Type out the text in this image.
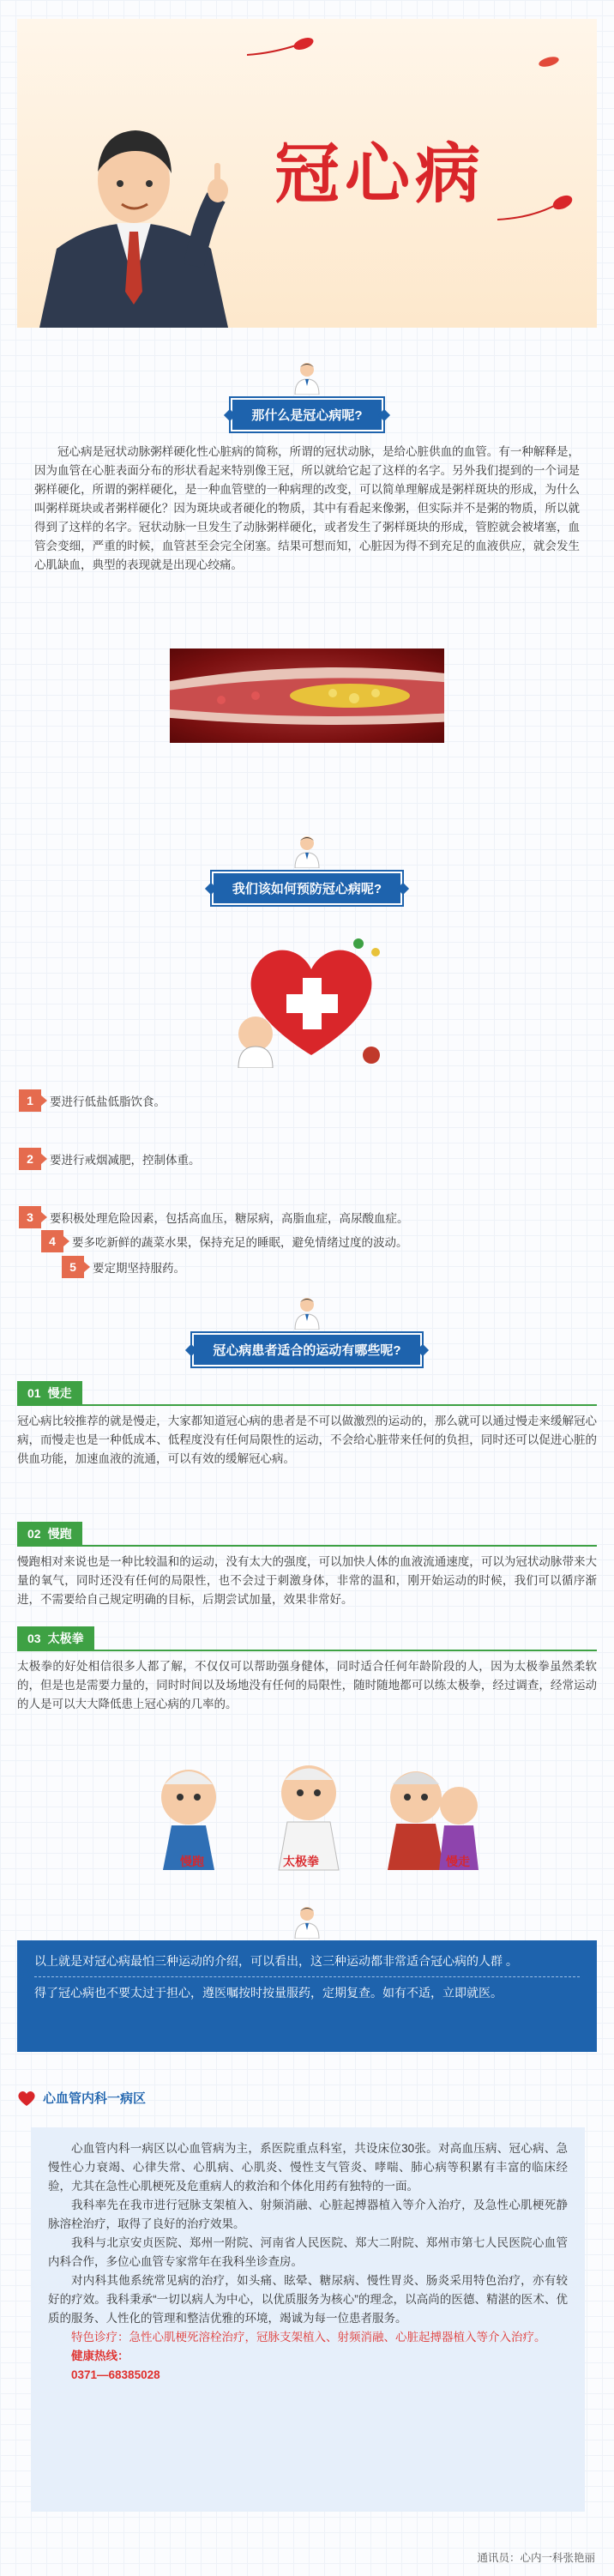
冠心病
那什么是冠心病呢?
冠心病是冠状动脉粥样硬化性心脏病的简称，所谓的冠状动脉，是给心脏供血的血管。有一种解释是，因为血管在心脏表面分布的形状看起来特别像王冠，所以就给它起了这样的名字。另外我们提到的一个词是粥样硬化，所谓的粥样硬化，是一种血管壁的一种病理的改变，可以简单理解成是粥样斑块的形成，为什么叫粥样斑块或者粥样硬化？因为斑块或者硬化的物质，其中有看起来像粥，但实际并不是粥的物质，所以就得到了这样的名字。冠状动脉一旦发生了动脉粥样硬化，或者发生了粥样斑块的形成，管腔就会被堵塞，血管会变细，严重的时候，血管甚至会完全闭塞。结果可想而知，心脏因为得不到充足的血液供应，就会发生心肌缺血，典型的表现就是出现心绞痛。
我们该如何预防冠心病呢?
1	要进行低盐低脂饮食。
2	要进行戒烟减肥，控制体重。
3	要积极处理危险因素，包括高血压，糖尿病，高脂血症，高尿酸血症。
4	要多吃新鲜的蔬菜水果，保持充足的睡眠，避免情绪过度的波动。
5	要定期坚持服药。
冠心病患者适合的运动有哪些呢?
01 慢走
冠心病比较推荐的就是慢走，大家都知道冠心病的患者是不可以做激烈的运动的，那么就可以通过慢走来缓解冠心病，而慢走也是一种低成本、低程度没有任何局限性的运动，不会给心脏带来任何的负担，同时还可以促进心脏的供血功能，加速血液的流通，可以有效的缓解冠心病。
02 慢跑
慢跑相对来说也是一种比较温和的运动，没有太大的强度，可以加快人体的血液流通速度，可以为冠状动脉带来大量的氧气，同时还没有任何的局限性，也不会过于刺激身体，非常的温和，刚开始运动的时候，我们可以循序渐进，不需要给自己规定明确的目标，后期尝试加量，效果非常好。
03 太极拳
太极拳的好处相信很多人都了解，不仅仅可以帮助强身健体，同时适合任何年龄阶段的人，因为太极拳虽然柔软的，但是也是需要力量的，同时时间以及场地没有任何的局限性，随时随地都可以练太极拳，经过调查，经常运动的人是可以大大降低患上冠心病的几率的。
慢跑	太极拳	慢走

以上就是对冠心病最怕三种运动的介绍，可以看出，这三种运动都非常适合冠心病的人群 。

得了冠心病也不要太过于担心，遵医嘱按时按量服药，定期复查。如有不适，立即就医。

心血管内科一病区

心血管内科一病区以心血管病为主，系医院重点科室，共设床位30张。对高血压病、冠心病、急慢性心力衰竭、心律失常、心肌病、心肌炎、慢性支气管炎、哮喘、肺心病等积累有丰富的临床经验，尤其在急性心肌梗死及危重病人的救治和个体化用药有独特的一面。

我科率先在我市进行冠脉支架植入、射频消融、心脏起搏器植入等介入治疗，及急性心肌梗死静脉溶栓治疗，取得了良好的治疗效果。

我科与北京安贞医院、郑州一附院、河南省人民医院、郑大二附院、郑州市第七人民医院心血管内科合作，多位心血管专家常年在我科坐诊查房。

对内科其他系统常见病的治疗，如头痛、眩晕、糖尿病、慢性胃炎、肠炎采用特色治疗，亦有较好的疗效。我科秉承“一切以病人为中心，以优质服务为核心”的理念，以高尚的医德、精湛的医术、优质的服务、人性化的管理和整洁优雅的环境，竭诚为每一位患者服务。

特色诊疗：急性心肌梗死溶栓治疗，冠脉支架植入、射频消融、心脏起搏器植入等介入治疗。

健康热线：

0371—68385028

通讯员：心内一科张艳丽
